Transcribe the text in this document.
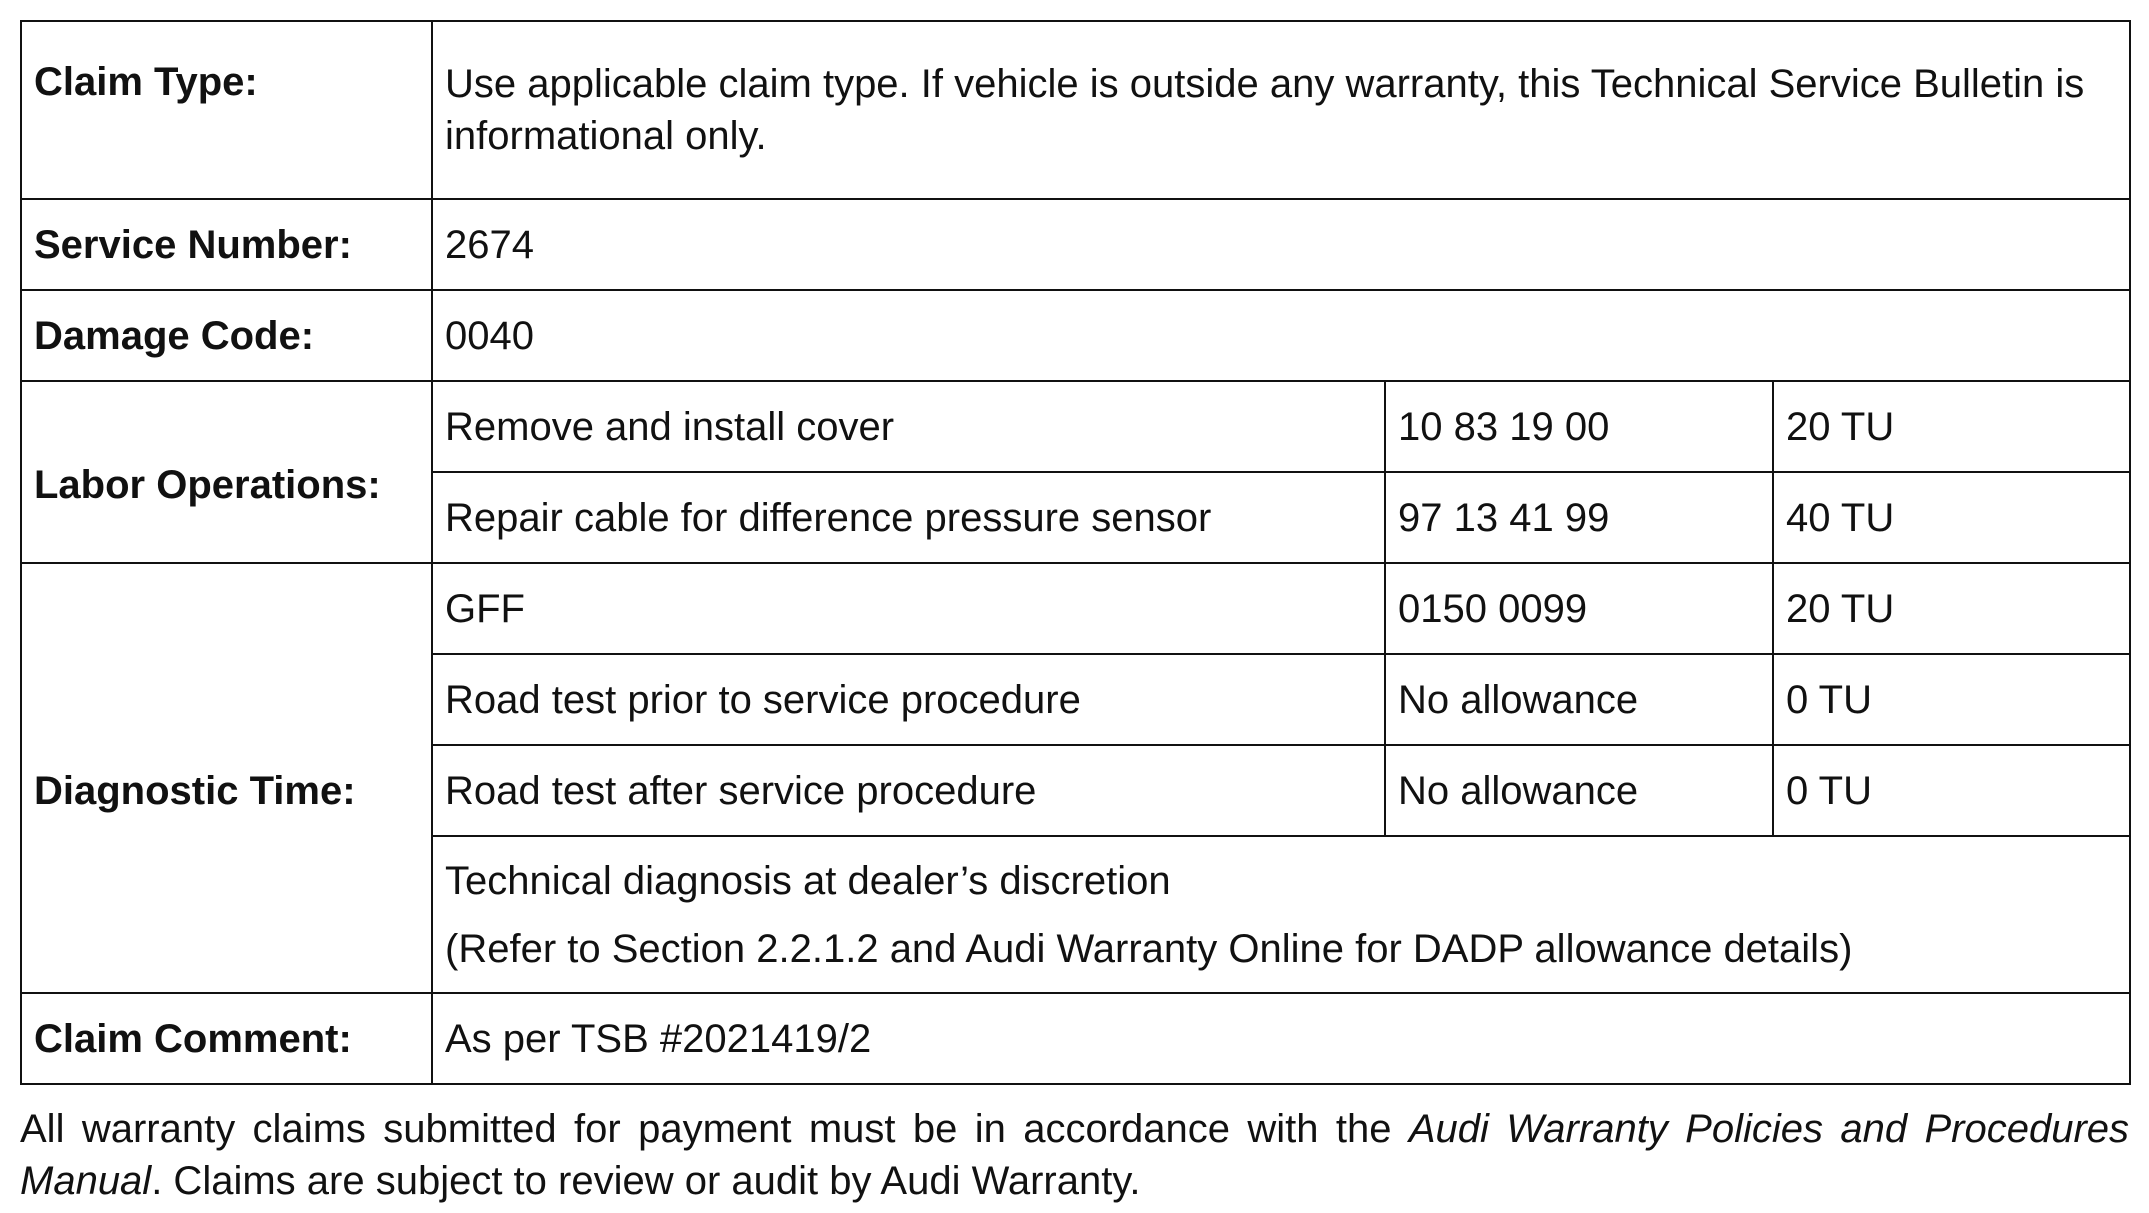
Claim Type:	Use applicable claim type. If vehicle is outside any warranty, this Technical Service Bulletin is informational only.		
Service Number:	2674		
Damage Code:	0040		
Labor Operations:	Remove and install cover	10 83 19 00	20 TU
	Repair cable for difference pressure sensor	97 13 41 99	40 TU
Diagnostic Time:	GFF	0150 0099	20 TU
	Road test prior to service procedure	No allowance	0 TU
	Road test after service procedure	No allowance	0 TU

	Technical diagnosis at dealer’s discretion
(Refer to Section 2.2.1.2 and Audi Warranty Online for DADP allowance details)		

Claim Comment:	As per TSB #2021419/2		

All warranty claims submitted for payment must be in accordance with the Audi Warranty Policies and Procedures Manual. Claims are subject to review or audit by Audi Warranty.
